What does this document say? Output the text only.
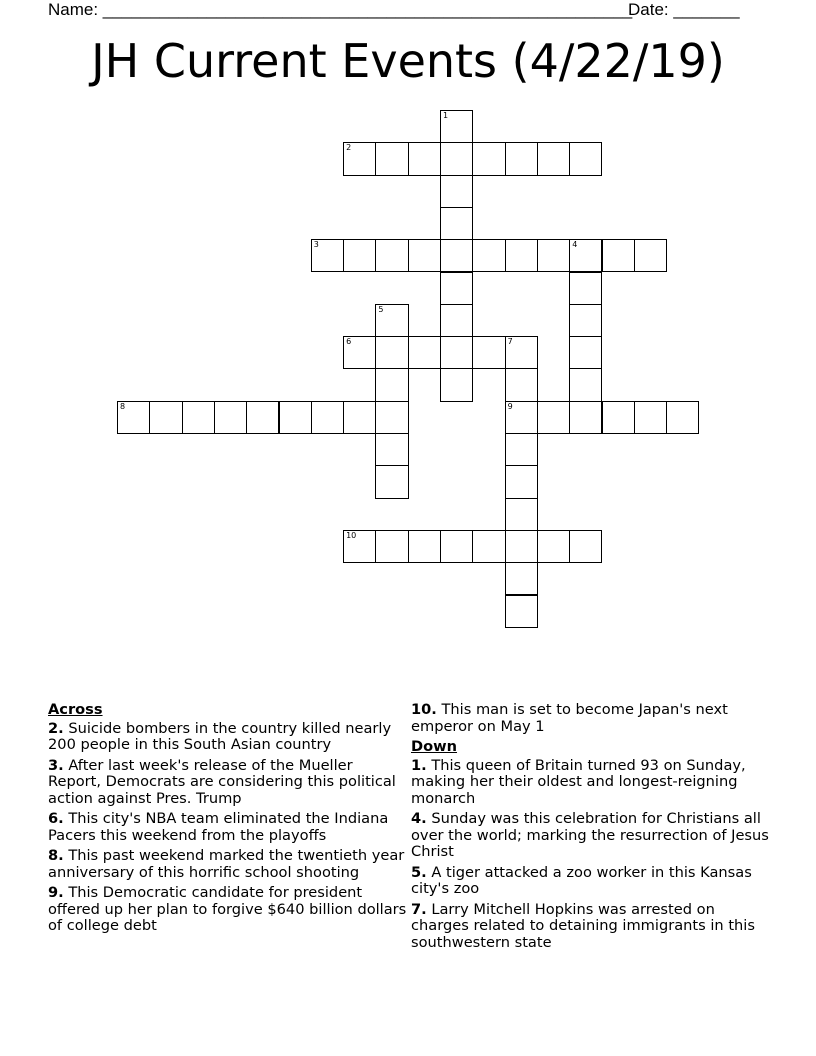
Name: ________________________________________________________
Date: _______
JH Current Events (4/22/19)
1
2
3	4
5
6	7
9
8
10
Across
2. Suicide bombers in the country killed nearly 200 people in this South Asian country
3. After last week's release of the Mueller Report, Democrats are considering this political action against Pres. Trump
6. This city's NBA team eliminated the Indiana Pacers this weekend from the playoffs
8. This past weekend marked the twentieth year anniversary of this horrific school shooting
9. This Democratic candidate for president offered up her plan to forgive $640 billion dollars of college debt
10. This man is set to become Japan's next emperor on May 1
Down
1. This queen of Britain turned 93 on Sunday, making her their oldest and longest-reigning monarch
4. Sunday was this celebration for Christians all over the world; marking the resurrection of Jesus Christ
5. A tiger attacked a zoo worker in this Kansas city's zoo
7. Larry Mitchell Hopkins was arrested on charges related to detaining immigrants in this southwestern state
